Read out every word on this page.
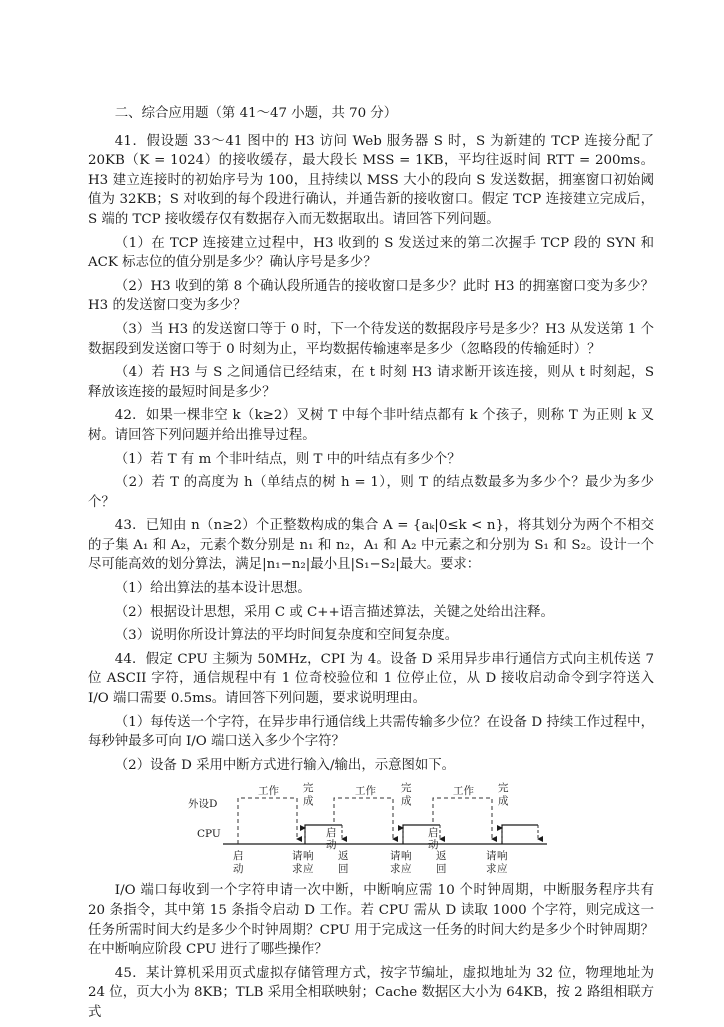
二、综合应用题（第 41～47 小题，共 70 分）

41．假设题 33～41 图中的 H3 访问 Web 服务器 S 时，S 为新建的 TCP 连接分配了 20KB（K = 1024）的接收缓存，最大段长 MSS = 1KB，平均往返时间 RTT = 200ms。H3 建立连接时的初始序号为 100，且持续以 MSS 大小的段向 S 发送数据，拥塞窗口初始阈值为 32KB；S 对收到的每个段进行确认，并通告新的接收窗口。假定 TCP 连接建立完成后，S 端的 TCP 接收缓存仅有数据存入而无数据取出。请回答下列问题。

（1）在 TCP 连接建立过程中，H3 收到的 S 发送过来的第二次握手 TCP 段的 SYN 和 ACK 标志位的值分别是多少？确认序号是多少？

（2）H3 收到的第 8 个确认段所通告的接收窗口是多少？此时 H3 的拥塞窗口变为多少？H3 的发送窗口变为多少？

（3）当 H3 的发送窗口等于 0 时，下一个待发送的数据段序号是多少？H3 从发送第 1 个数据段到发送窗口等于 0 时刻为止，平均数据传输速率是多少（忽略段的传输延时）？

（4）若 H3 与 S 之间通信已经结束，在 t 时刻 H3 请求断开该连接，则从 t 时刻起，S 释放该连接的最短时间是多少？

42．如果一棵非空 k（k≥2）叉树 T 中每个非叶结点都有 k 个孩子，则称 T 为正则 k 叉树。请回答下列问题并给出推导过程。

（1）若 T 有 m 个非叶结点，则 T 中的叶结点有多少个？

（2）若 T 的高度为 h（单结点的树 h = 1），则 T 的结点数最多为多少个？最少为多少个？

43．已知由 n（n≥2）个正整数构成的集合 A = {aₖ|0≤k < n}，将其划分为两个不相交的子集 A₁ 和 A₂，元素个数分别是 n₁ 和 n₂，A₁ 和 A₂ 中元素之和分别为 S₁ 和 S₂。设计一个尽可能高效的划分算法，满足|n₁−n₂|最小且|S₁−S₂|最大。要求：

（1）给出算法的基本设计思想。

（2）根据设计思想，采用 C 或 C++语言描述算法，关键之处给出注释。

（3）说明你所设计算法的平均时间复杂度和空间复杂度。

44．假定 CPU 主频为 50MHz，CPI 为 4。设备 D 采用异步串行通信方式向主机传送 7 位 ASCII 字符，通信规程中有 1 位奇校验位和 1 位停止位，从 D 接收启动命令到字符送入 I/O 端口需要 0.5ms。请回答下列问题，要求说明理由。

（1）每传送一个字符，在异步串行通信线上共需传输多少位？在设备 D 持续工作过程中，每秒钟最多可向 I/O 端口送入多少个字符？

（2）设备 D 采用中断方式进行输入/输出，示意图如下。

外设D
CPU
工作	工作	工作
完
成
完
成
完
成
启
动
启
动
启
动
请
求
响
应
请
求
响
应
请
求
响
应
返
回
返
回

I/O 端口每收到一个字符申请一次中断，中断响应需 10 个时钟周期，中断服务程序共有 20 条指令，其中第 15 条指令启动 D 工作。若 CPU 需从 D 读取 1000 个字符，则完成这一任务所需时间大约是多少个时钟周期？CPU 用于完成这一任务的时间大约是多少个时钟周期？在中断响应阶段 CPU 进行了哪些操作？

45．某计算机采用页式虚拟存储管理方式，按字节编址，虚拟地址为 32 位，物理地址为 24 位，页大小为 8KB；TLB 采用全相联映射；Cache 数据区大小为 64KB，按 2 路组相联方式
